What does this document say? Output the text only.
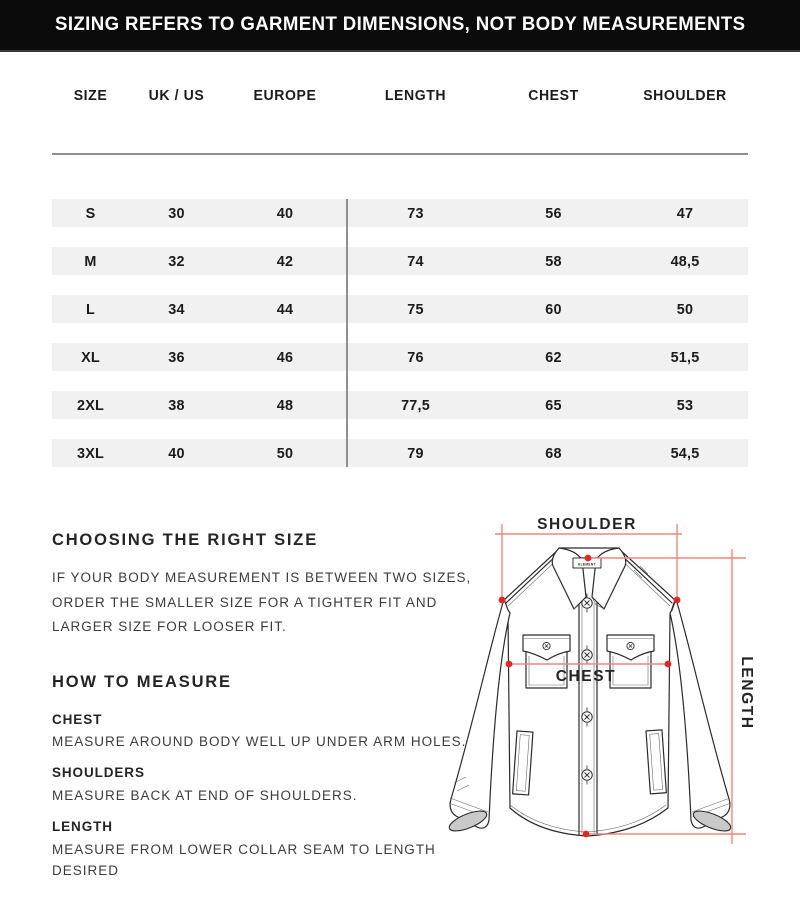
SIZING REFERS TO GARMENT DIMENSIONS, NOT BODY MEASUREMENTS
SIZE	UK / US	EUROPE	LENGTH	CHEST	SHOULDER
S	30	40	73	56	47
M	32	42	74	58	48,5
L	34	44	75	60	50
XL	36	46	76	62	51,5
2XL	38	48	77,5	65	53
3XL	40	50	79	68	54,5
CHOOSING THE RIGHT SIZE
IF YOUR BODY MEASUREMENT IS BETWEEN TWO SIZES,
ORDER THE SMALLER SIZE FOR A TIGHTER FIT AND
LARGER SIZE FOR LOOSER FIT.
HOW TO MEASURE
CHEST
MEASURE AROUND BODY WELL UP UNDER ARM HOLES.
SHOULDERS
MEASURE BACK AT END OF SHOULDERS.
LENGTH
MEASURE FROM LOWER COLLAR SEAM TO LENGTH
DESIRED
ELEMENT
SHOULDER
CHEST	LENGTH
